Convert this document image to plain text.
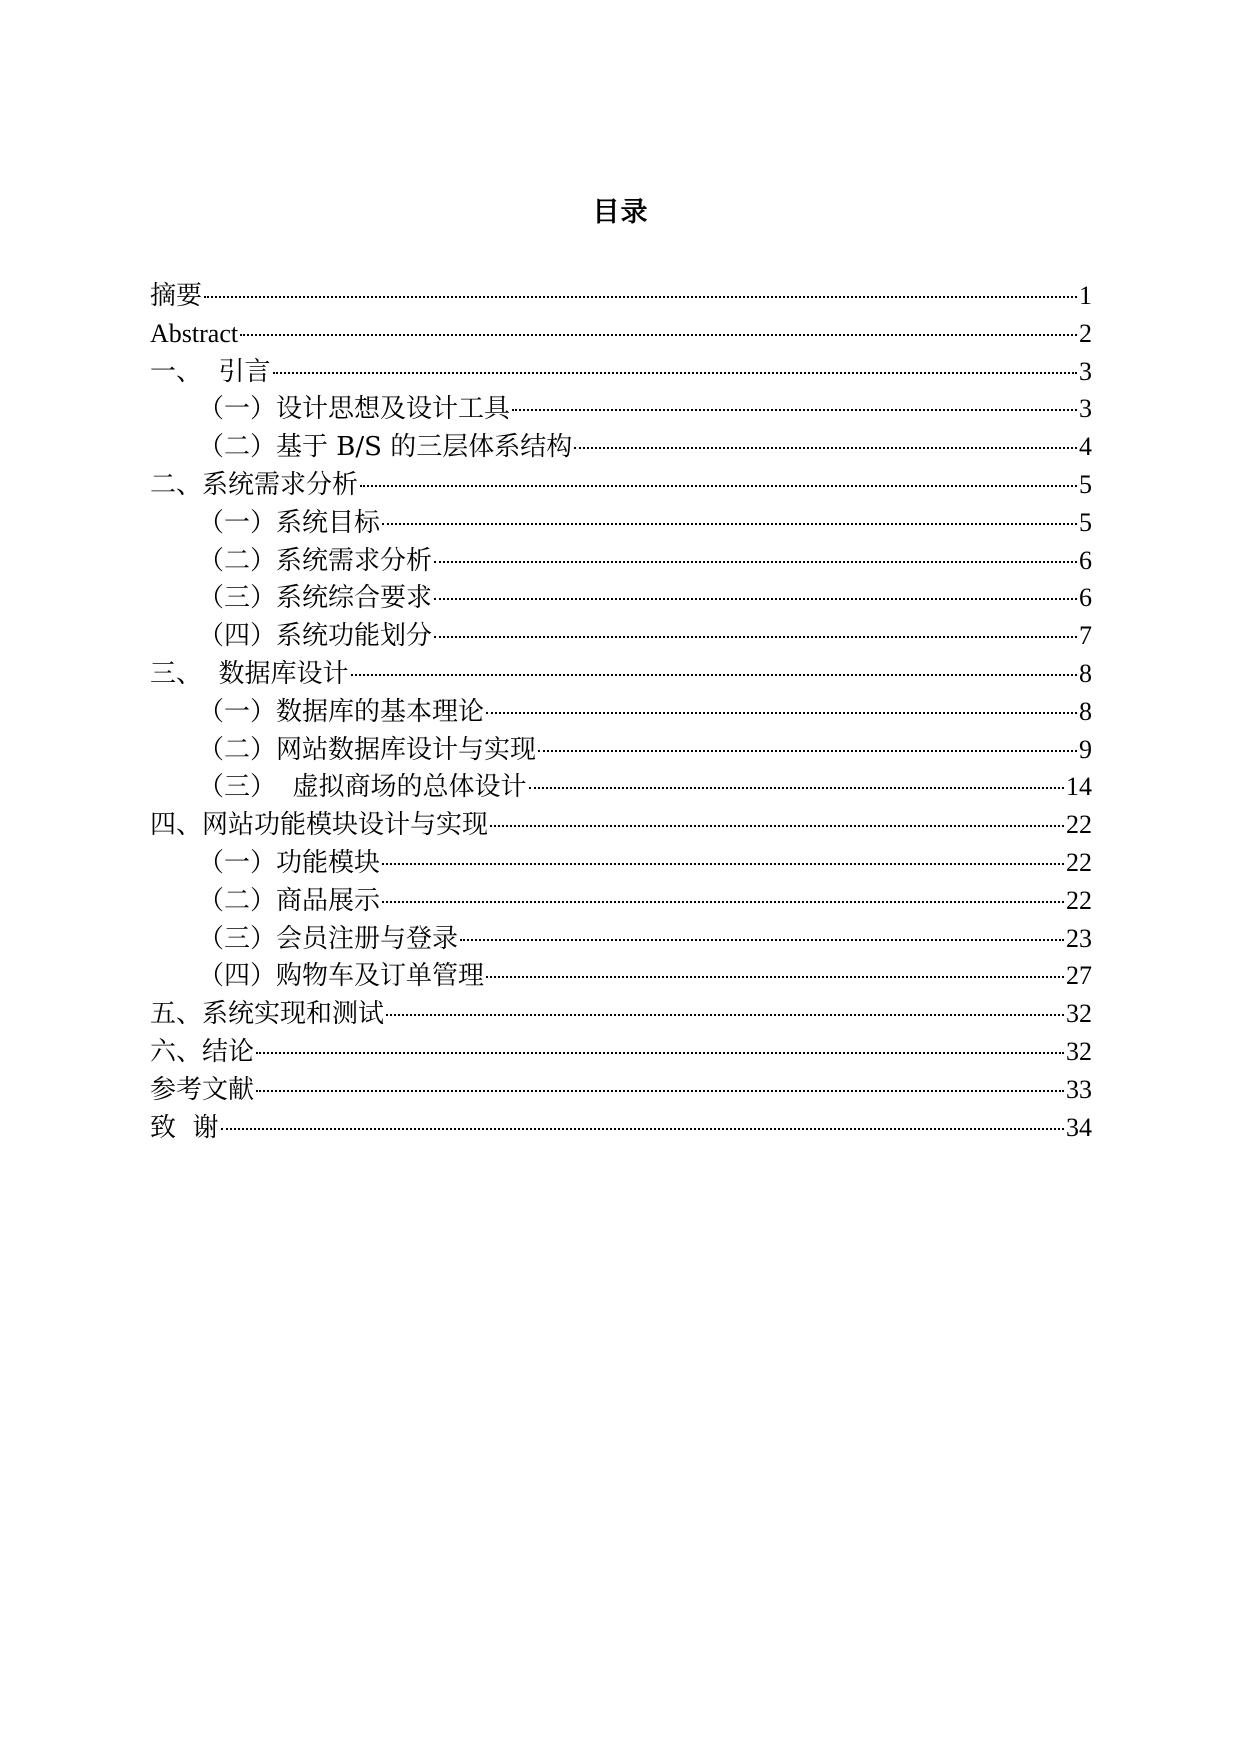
目录
摘要	1
Abstract	2
一、  引言	3
（一）设计思想及设计工具	3
（二）基于 B/S 的三层体系结构	4
二、系统需求分析	5
（一）系统目标	5
（二）系统需求分析	6
（三）系统综合要求	6
（四）系统功能划分	7
三、  数据库设计	8
（一）数据库的基本理论	8
（二）网站数据库设计与实现	9
（三）  虚拟商场的总体设计	14
四、网站功能模块设计与实现	22
（一）功能模块	22
（二）商品展示	22
（三）会员注册与登录	23
（四）购物车及订单管理	27
五、系统实现和测试	32
六、结论	32
参考文献	33
致  谢	34
